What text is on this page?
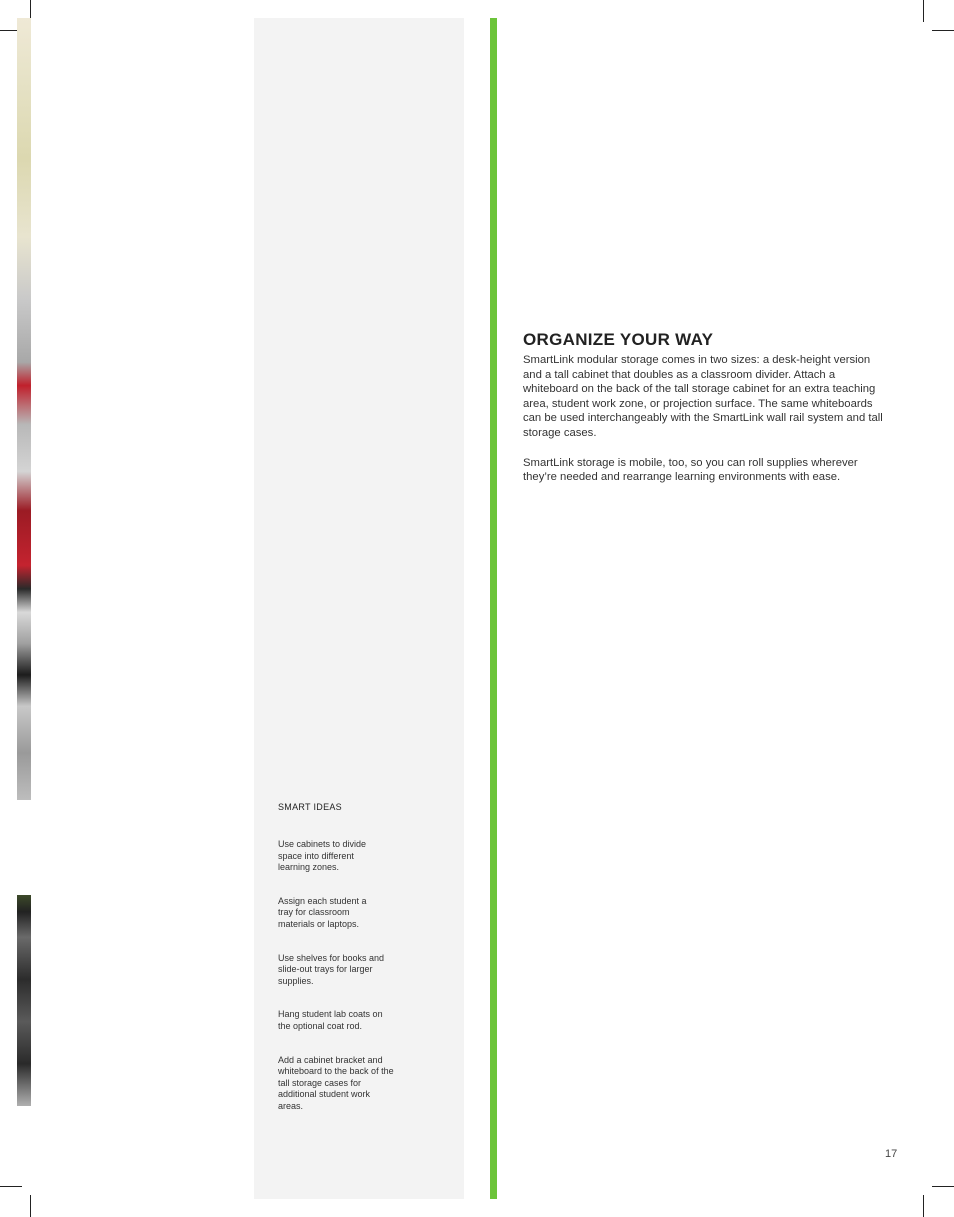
SMART IDEAS

Use cabinets to divide space into different learning zones.

Assign each student a tray for classroom materials or laptops.

Use shelves for books and slide-out trays for larger supplies.

Hang student lab coats on the optional coat rod.

Add a cabinet bracket and whiteboard to the back of the tall storage cases for additional student work areas.

ORGANIZE YOUR WAY

SmartLink modular storage comes in two sizes: a desk-height version and a tall cabinet that doubles as a classroom divider. Attach a whiteboard on the back of the tall storage cabinet for an extra teaching area, student work zone, or projection surface. The same whiteboards can be used interchangeably with the SmartLink wall rail system and tall storage cases.

SmartLink storage is mobile, too, so you can roll supplies wherever they’re needed and rearrange learning environments with ease.

17
